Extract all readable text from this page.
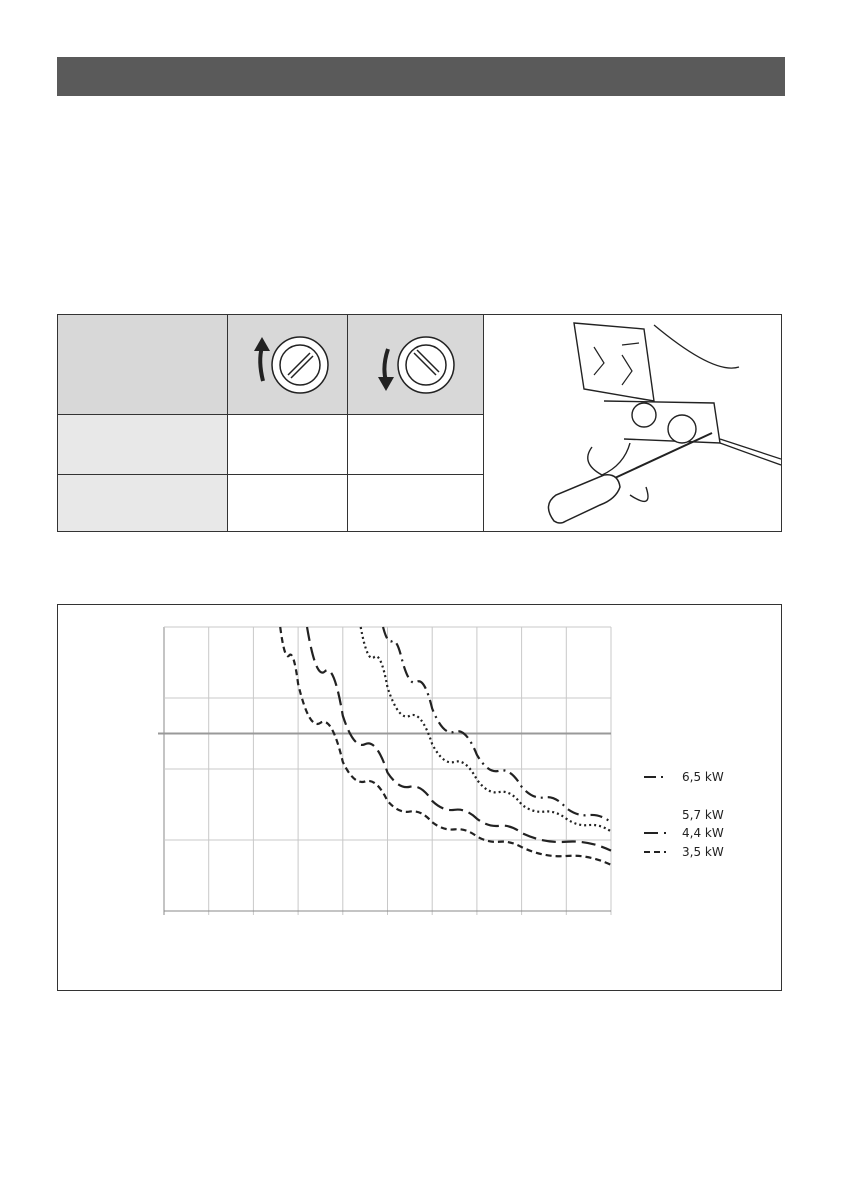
6,5 kW
5,7 kW
4,4 kW
3,5 kW
